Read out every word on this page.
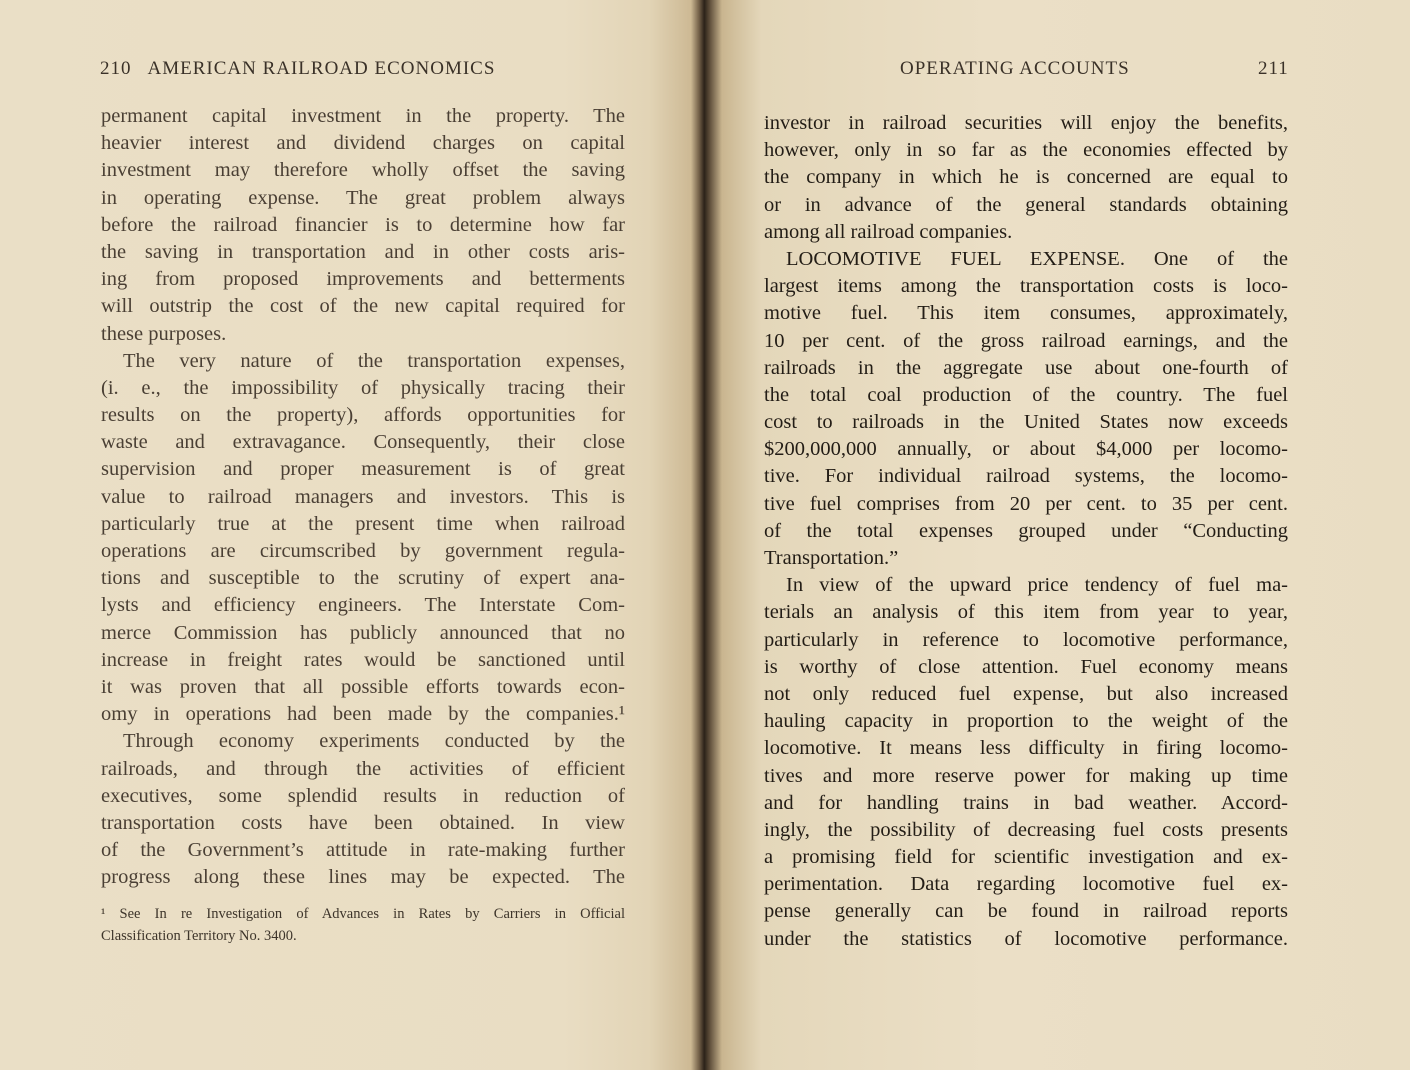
210 AMERICAN RAILROAD ECONOMICS
permanent capital investment in the property. The
heavier interest and dividend charges on capital
investment may therefore wholly offset the saving
in operating expense. The great problem always
before the railroad financier is to determine how far
the saving in transportation and in other costs aris-
ing from proposed improvements and betterments
will outstrip the cost of the new capital required for
these purposes.
The very nature of the transportation expenses,
(i. e., the impossibility of physically tracing their
results on the property), affords opportunities for
waste and extravagance. Consequently, their close
supervision and proper measurement is of great
value to railroad managers and investors. This is
particularly true at the present time when railroad
operations are circumscribed by government regula-
tions and susceptible to the scrutiny of expert ana-
lysts and efficiency engineers. The Interstate Com-
merce Commission has publicly announced that no
increase in freight rates would be sanctioned until
it was proven that all possible efforts towards econ-
omy in operations had been made by the companies.¹
Through economy experiments conducted by the
railroads, and through the activities of efficient
executives, some splendid results in reduction of
transportation costs have been obtained. In view
of the Government’s attitude in rate-making further
progress along these lines may be expected. The
¹ See In re Investigation of Advances in Rates by Carriers in Official
Classification Territory No. 3400.
OPERATING ACCOUNTS	211
investor in railroad securities will enjoy the benefits,
however, only in so far as the economies effected by
the company in which he is concerned are equal to
or in advance of the general standards obtaining
among all railroad companies.
LOCOMOTIVE FUEL EXPENSE. One of the
largest items among the transportation costs is loco-
motive fuel. This item consumes, approximately,
10 per cent. of the gross railroad earnings, and the
railroads in the aggregate use about one-fourth of
the total coal production of the country. The fuel
cost to railroads in the United States now exceeds
$200,000,000 annually, or about $4,000 per locomo-
tive. For individual railroad systems, the locomo-
tive fuel comprises from 20 per cent. to 35 per cent.
of the total expenses grouped under “Conducting
Transportation.”
In view of the upward price tendency of fuel ma-
terials an analysis of this item from year to year,
particularly in reference to locomotive performance,
is worthy of close attention. Fuel economy means
not only reduced fuel expense, but also increased
hauling capacity in proportion to the weight of the
locomotive. It means less difficulty in firing locomo-
tives and more reserve power for making up time
and for handling trains in bad weather. Accord-
ingly, the possibility of decreasing fuel costs presents
a promising field for scientific investigation and ex-
perimentation. Data regarding locomotive fuel ex-
pense generally can be found in railroad reports
under the statistics of locomotive performance.
